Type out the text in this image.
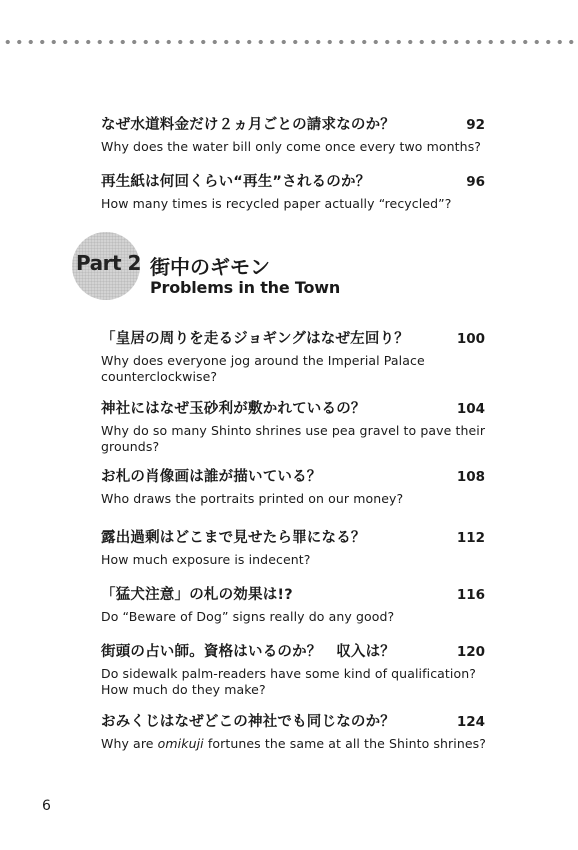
なぜ水道料金だけ２ヵ月ごとの請求なのか？	92
Why does the water bill only come once every two months?
再生紙は何回くらい“再生”されるのか？	96
How many times is recycled paper actually “recycled”?
Part 2 街中のギモン
Problems in the Town
「皇居の周りを走るジョギングはなぜ左回り？	100
Why does everyone jog around the Imperial Palace counterclockwise?
神社にはなぜ玉砂利が敷かれているの？	104
Why do so many Shinto shrines use pea gravel to pave their grounds?
お札の肖像画は誰が描いている？	108
Who draws the portraits printed on our money?
露出過剰はどこまで見せたら罪になる？	112
How much exposure is indecent?
「猛犬注意」の札の効果は!?	116
Do “Beware of Dog” signs really do any good?
街頭の占い師。資格はいるのか？　収入は？	120
Do sidewalk palm-readers have some kind of qualification? How much do they make?
おみくじはなぜどこの神社でも同じなのか？	124
Why are omikuji fortunes the same at all the Shinto shrines?
6
